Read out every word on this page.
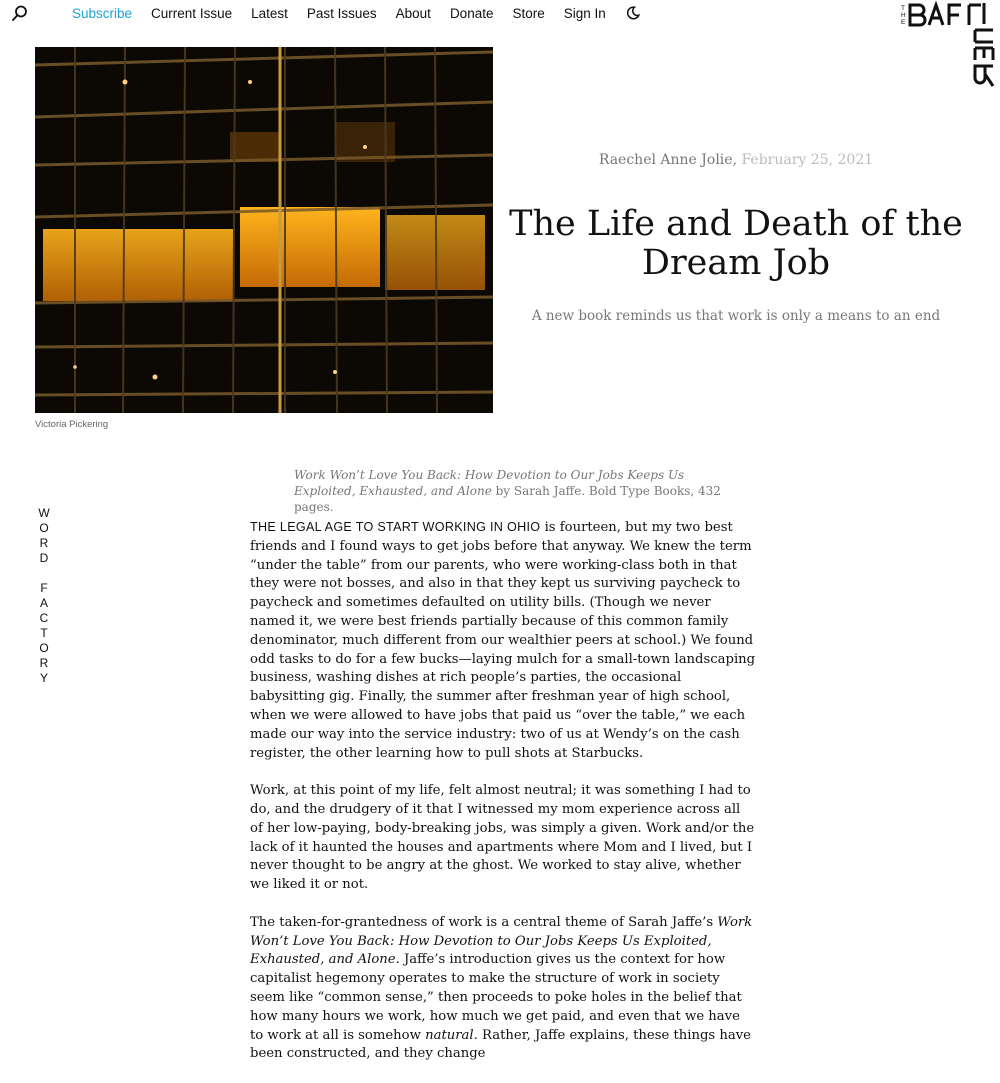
Subscribe Current Issue Latest Past Issues About Donate Store Sign In	T
H
E
Victoria Pickering
Raechel Anne Jolie, February 25, 2021
The Life and Death of the Dream Job
A new book reminds us that work is only a means to an end
W
O
R
D

F
A
C
T
O
R
Y
Work Won’t Love You Back: How Devotion to Our Jobs Keeps Us Exploited, Exhausted, and Alone by Sarah Jaffe. Bold Type Books, 432 pages.

THE LEGAL AGE TO START WORKING IN OHIO is fourteen, but my two best friends and I found ways to get jobs before that anyway. We knew the term “under the table” from our parents, who were working-class both in that they were not bosses, and also in that they kept us surviving paycheck to paycheck and sometimes defaulted on utility bills. (Though we never named it, we were best friends partially because of this common family denominator, much different from our wealthier peers at school.) We found odd tasks to do for a few bucks—laying mulch for a small-town landscaping business, washing dishes at rich people’s parties, the occasional babysitting gig. Finally, the summer after freshman year of high school, when we were allowed to have jobs that paid us “over the table,” we each made our way into the service industry: two of us at Wendy’s on the cash register, the other learning how to pull shots at Starbucks.

Work, at this point of my life, felt almost neutral; it was something I had to do, and the drudgery of it that I witnessed my mom experience across all of her low-paying, body-breaking jobs, was simply a given. Work and/or the lack of it haunted the houses and apartments where Mom and I lived, but I never thought to be angry at the ghost. We worked to stay alive, whether we liked it or not.

The taken-for-grantedness of work is a central theme of Sarah Jaffe’s Work Won’t Love You Back: How Devotion to Our Jobs Keeps Us Exploited, Exhausted, and Alone. Jaffe’s introduction gives us the context for how capitalist hegemony operates to make the structure of work in society seem like “common sense,” then proceeds to poke holes in the belief that how many hours we work, how much we get paid, and even that we have to work at all is somehow natural. Rather, Jaffe explains, these things have been constructed, and they change
